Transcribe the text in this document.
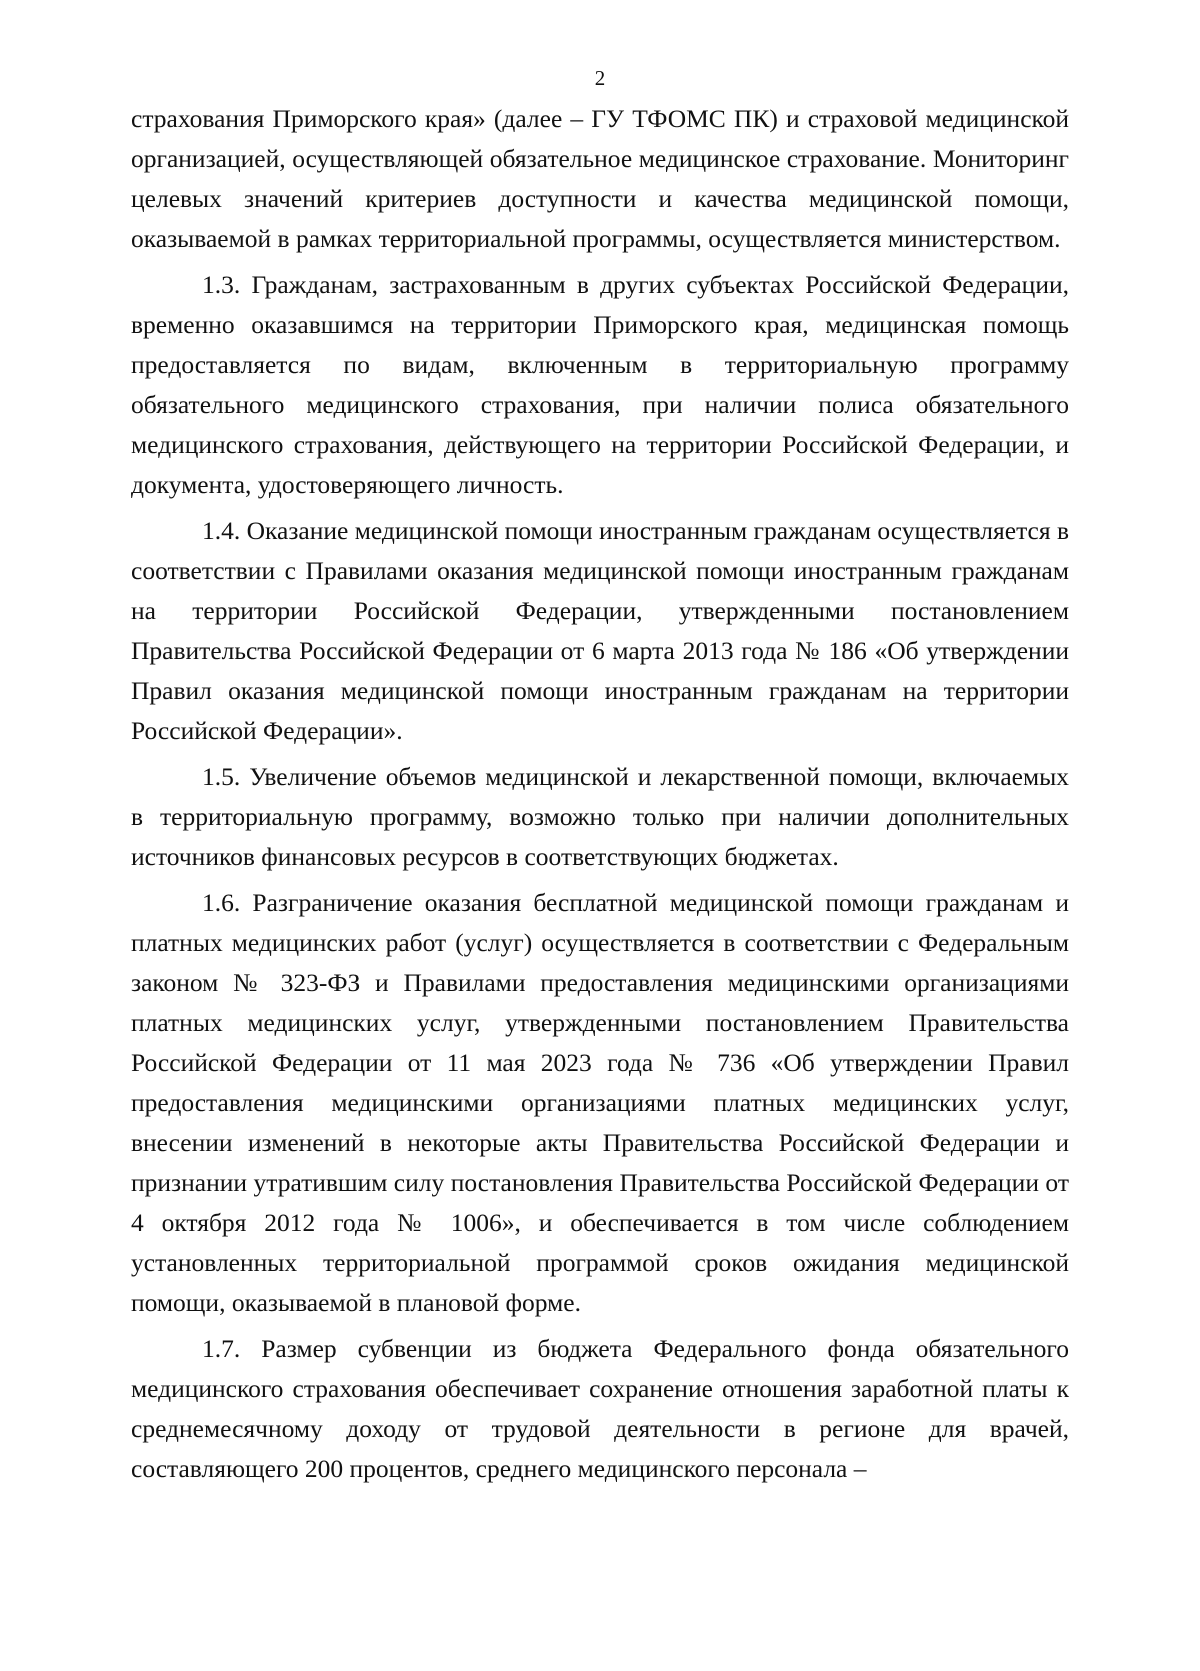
2

страхования Приморского края» (далее – ГУ ТФОМС ПК) и страховой медицинской организацией, осуществляющей обязательное медицинское страхование. Мониторинг целевых значений критериев доступности и качества медицинской помощи, оказываемой в рамках территориальной программы, осуществляется министерством.

1.3. Гражданам, застрахованным в других субъектах Российской Федерации, временно оказавшимся на территории Приморского края, медицинская помощь предоставляется по видам, включенным в территориальную программу обязательного медицинского страхования, при наличии полиса обязательного медицинского страхования, действующего на территории Российской Федерации, и документа, удостоверяющего личность.

1.4. Оказание медицинской помощи иностранным гражданам осуществляется в соответствии с Правилами оказания медицинской помощи иностранным гражданам на территории Российской Федерации, утвержденными постановлением Правительства Российской Федерации от 6 марта 2013 года № 186 «Об утверждении Правил оказания медицинской помощи иностранным гражданам на территории Российской Федерации».

1.5. Увеличение объемов медицинской и лекарственной помощи, включаемых в территориальную программу, возможно только при наличии дополнительных источников финансовых ресурсов в соответствующих бюджетах.

1.6. Разграничение оказания бесплатной медицинской помощи гражданам и платных медицинских работ (услуг) осуществляется в соответствии с Федеральным законом № 323-ФЗ и Правилами предоставления медицинскими организациями платных медицинских услуг, утвержденными постановлением Правительства Российской Федерации от 11 мая 2023 года № 736 «Об утверждении Правил предоставления медицинскими организациями платных медицинских услуг, внесении изменений в некоторые акты Правительства Российской Федерации и признании утратившим силу постановления Правительства Российской Федерации от 4 октября 2012 года № 1006», и обеспечивается в том числе соблюдением установленных территориальной программой сроков ожидания медицинской помощи, оказываемой в плановой форме.

1.7. Размер субвенции из бюджета Федерального фонда обязательного медицинского страхования обеспечивает сохранение отношения заработной платы к среднемесячному доходу от трудовой деятельности в регионе для врачей, составляющего 200 процентов, среднего медицинского персонала –
